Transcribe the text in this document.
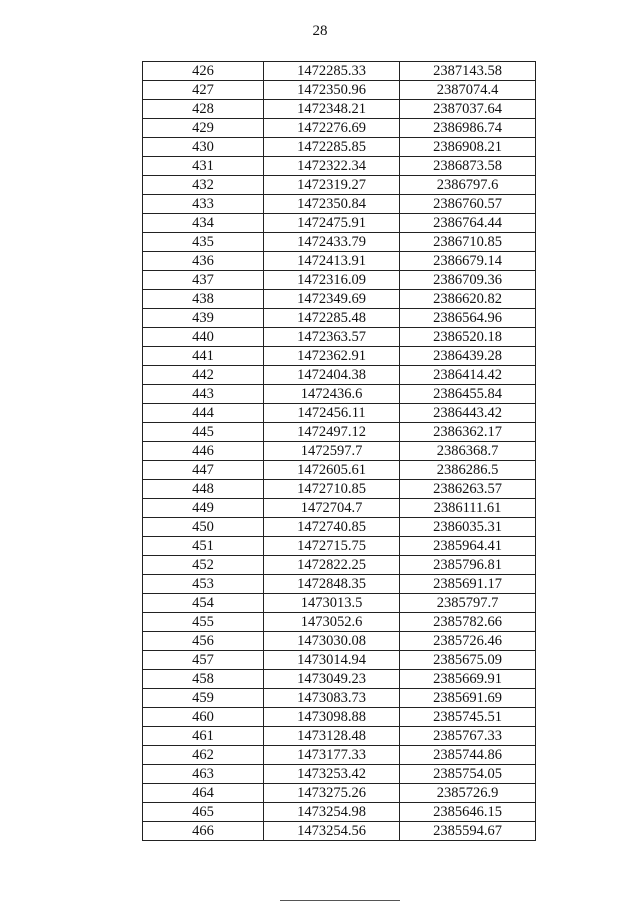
28
426	1472285.33	2387143.58
427	1472350.96	2387074.4
428	1472348.21	2387037.64
429	1472276.69	2386986.74
430	1472285.85	2386908.21
431	1472322.34	2386873.58
432	1472319.27	2386797.6
433	1472350.84	2386760.57
434	1472475.91	2386764.44
435	1472433.79	2386710.85
436	1472413.91	2386679.14
437	1472316.09	2386709.36
438	1472349.69	2386620.82
439	1472285.48	2386564.96
440	1472363.57	2386520.18
441	1472362.91	2386439.28
442	1472404.38	2386414.42
443	1472436.6	2386455.84
444	1472456.11	2386443.42
445	1472497.12	2386362.17
446	1472597.7	2386368.7
447	1472605.61	2386286.5
448	1472710.85	2386263.57
449	1472704.7	2386111.61
450	1472740.85	2386035.31
451	1472715.75	2385964.41
452	1472822.25	2385796.81
453	1472848.35	2385691.17
454	1473013.5	2385797.7
455	1473052.6	2385782.66
456	1473030.08	2385726.46
457	1473014.94	2385675.09
458	1473049.23	2385669.91
459	1473083.73	2385691.69
460	1473098.88	2385745.51
461	1473128.48	2385767.33
462	1473177.33	2385744.86
463	1473253.42	2385754.05
464	1473275.26	2385726.9
465	1473254.98	2385646.15
466	1473254.56	2385594.67
